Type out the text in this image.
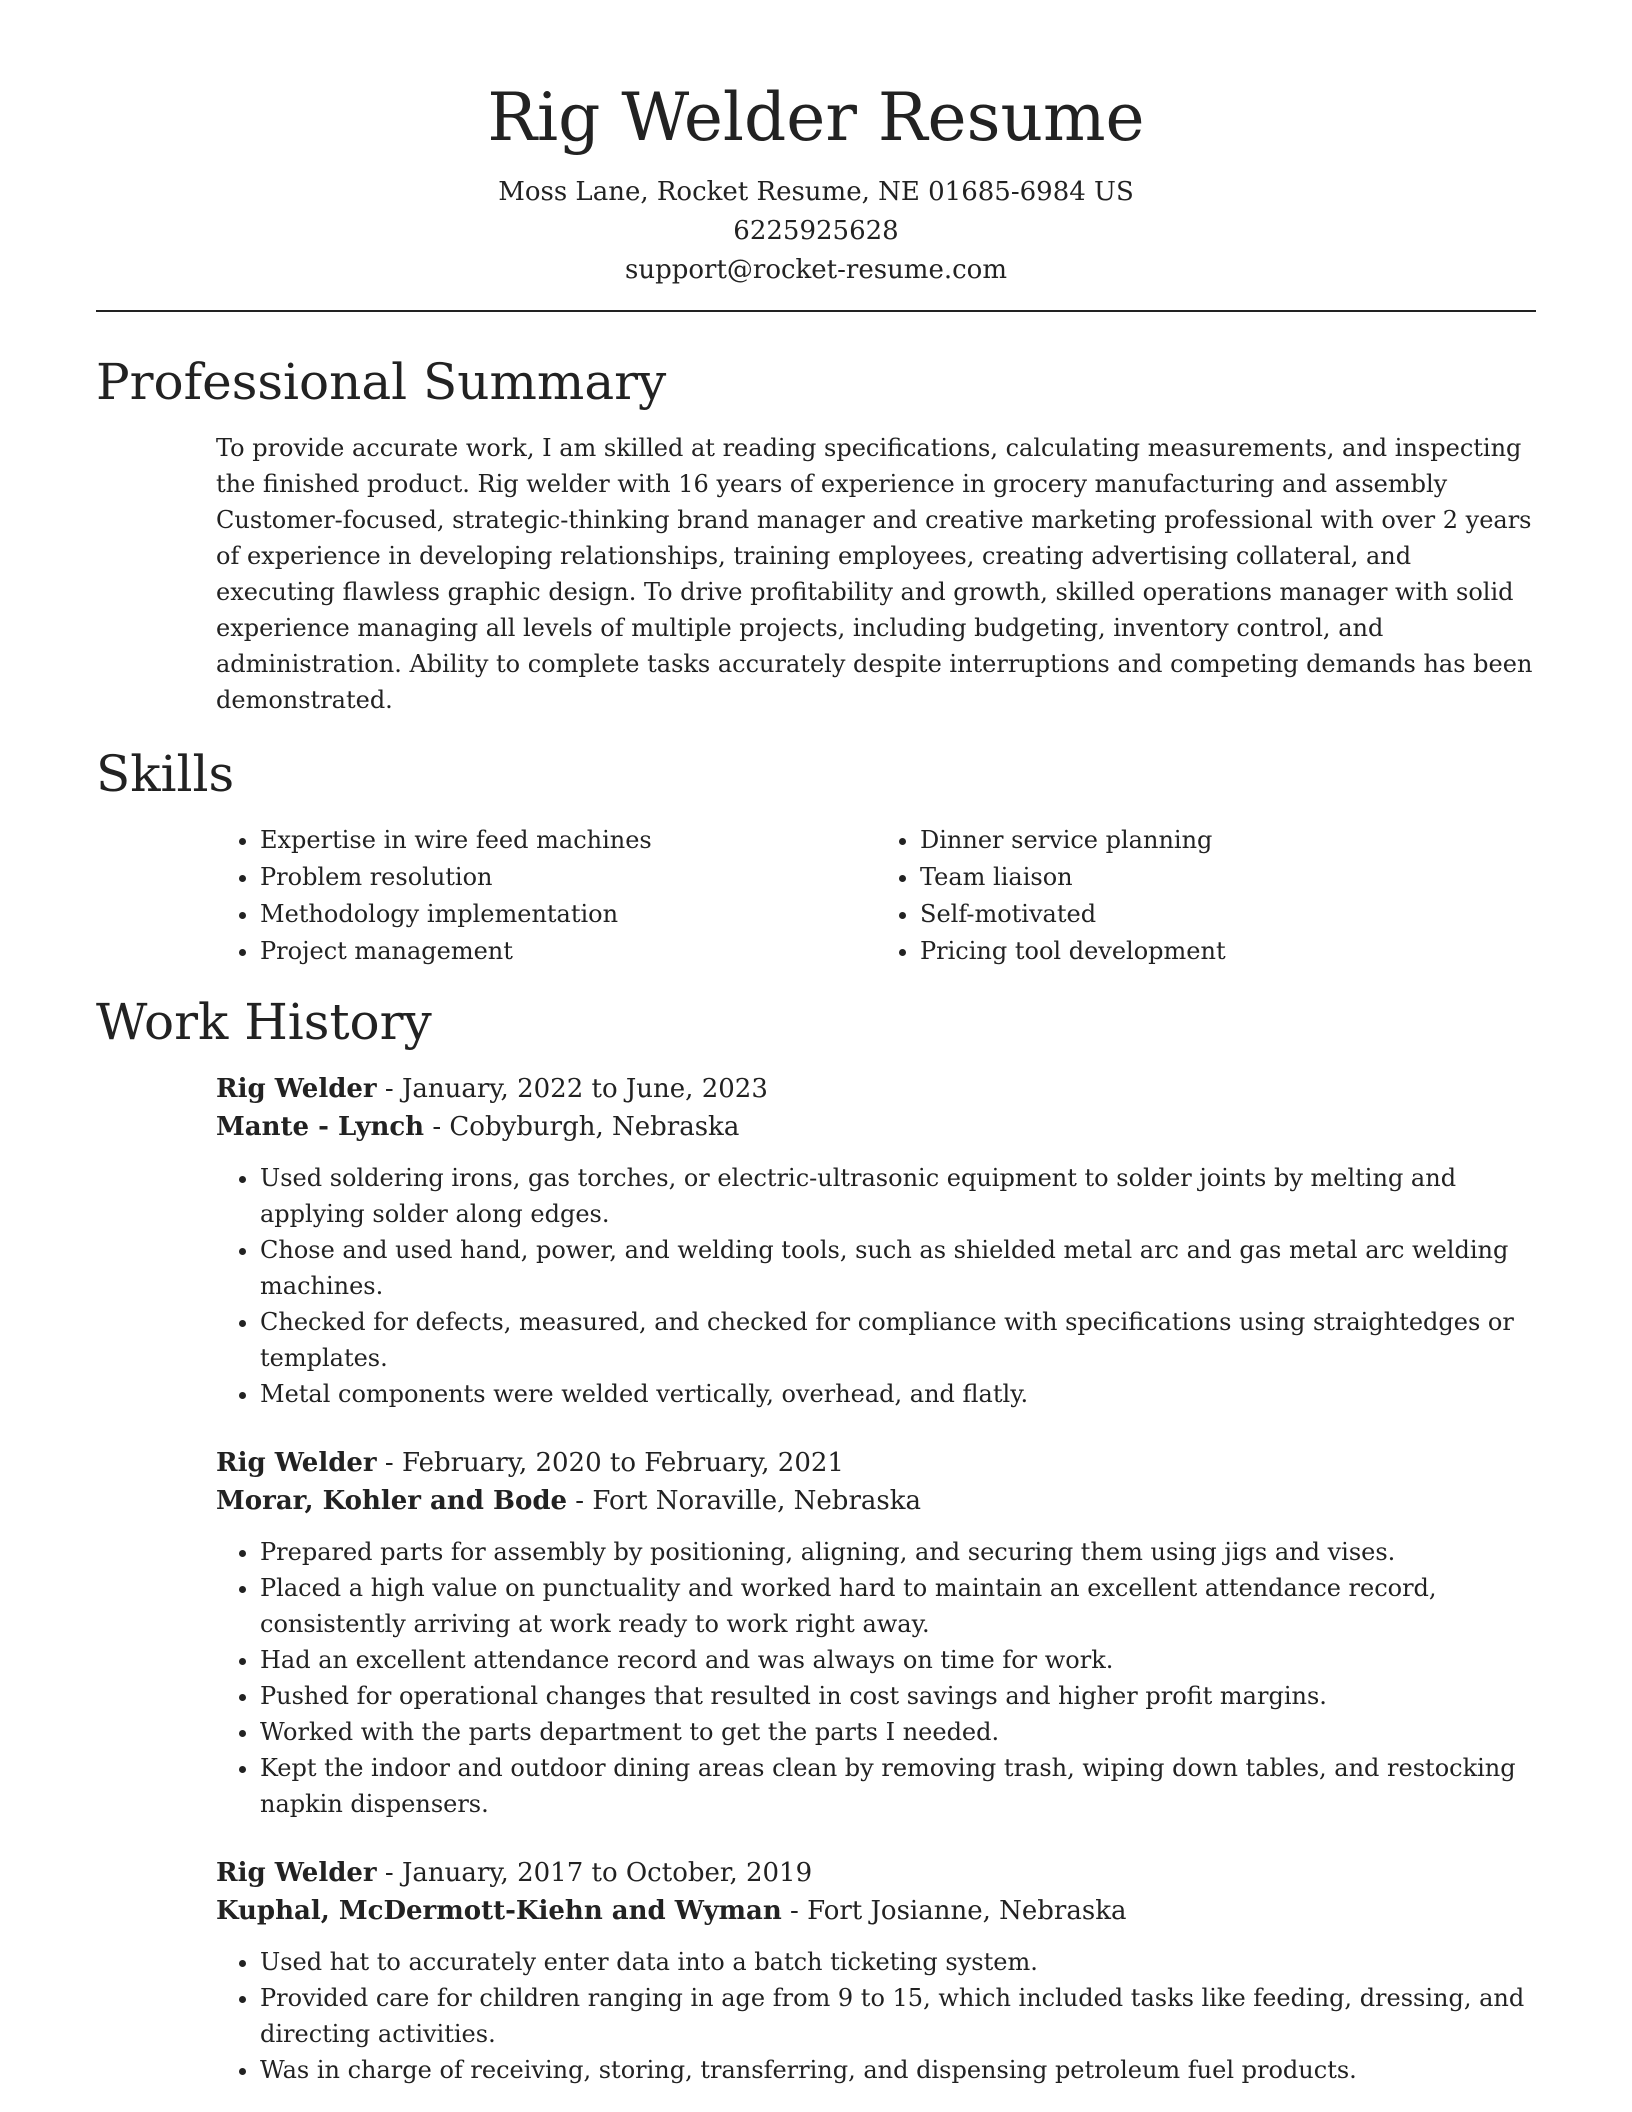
Rig Welder Resume
Moss Lane, Rocket Resume, NE 01685-6984 US
6225925628
support@rocket-resume.com
Professional Summary

To provide accurate work, I am skilled at reading specifications, calculating measurements, and inspecting the finished product. Rig welder with 16 years of experience in grocery manufacturing and assembly Customer-focused, strategic-thinking brand manager and creative marketing professional with over 2 years of experience in developing relationships, training employees, creating advertising collateral, and executing flawless graphic design. To drive profitability and growth, skilled operations manager with solid experience managing all levels of multiple projects, including budgeting, inventory control, and administration. Ability to complete tasks accurately despite interruptions and competing demands has been demonstrated.

Skills
• Expertise in wire feed machines
• Problem resolution
• Methodology implementation
• Project management
• Dinner service planning
• Team liaison
• Self-motivated
• Pricing tool development
Work History
Rig Welder - January, 2022 to June, 2023
Mante - Lynch - Cobyburgh, Nebraska
• Used soldering irons, gas torches, or electric-ultrasonic equipment to solder joints by melting and applying solder along edges.
• Chose and used hand, power, and welding tools, such as shielded metal arc and gas metal arc welding machines.
• Checked for defects, measured, and checked for compliance with specifications using straightedges or templates.
• Metal components were welded vertically, overhead, and flatly.
Rig Welder - February, 2020 to February, 2021
Morar, Kohler and Bode - Fort Noraville, Nebraska
• Prepared parts for assembly by positioning, aligning, and securing them using jigs and vises.
• Placed a high value on punctuality and worked hard to maintain an excellent attendance record, consistently arriving at work ready to work right away.
• Had an excellent attendance record and was always on time for work.
• Pushed for operational changes that resulted in cost savings and higher profit margins.
• Worked with the parts department to get the parts I needed.
• Kept the indoor and outdoor dining areas clean by removing trash, wiping down tables, and restocking napkin dispensers.
Rig Welder - January, 2017 to October, 2019
Kuphal, McDermott-Kiehn and Wyman - Fort Josianne, Nebraska
• Used hat to accurately enter data into a batch ticketing system.
• Provided care for children ranging in age from 9 to 15, which included tasks like feeding, dressing, and directing activities.
• Was in charge of receiving, storing, transferring, and dispensing petroleum fuel products.
